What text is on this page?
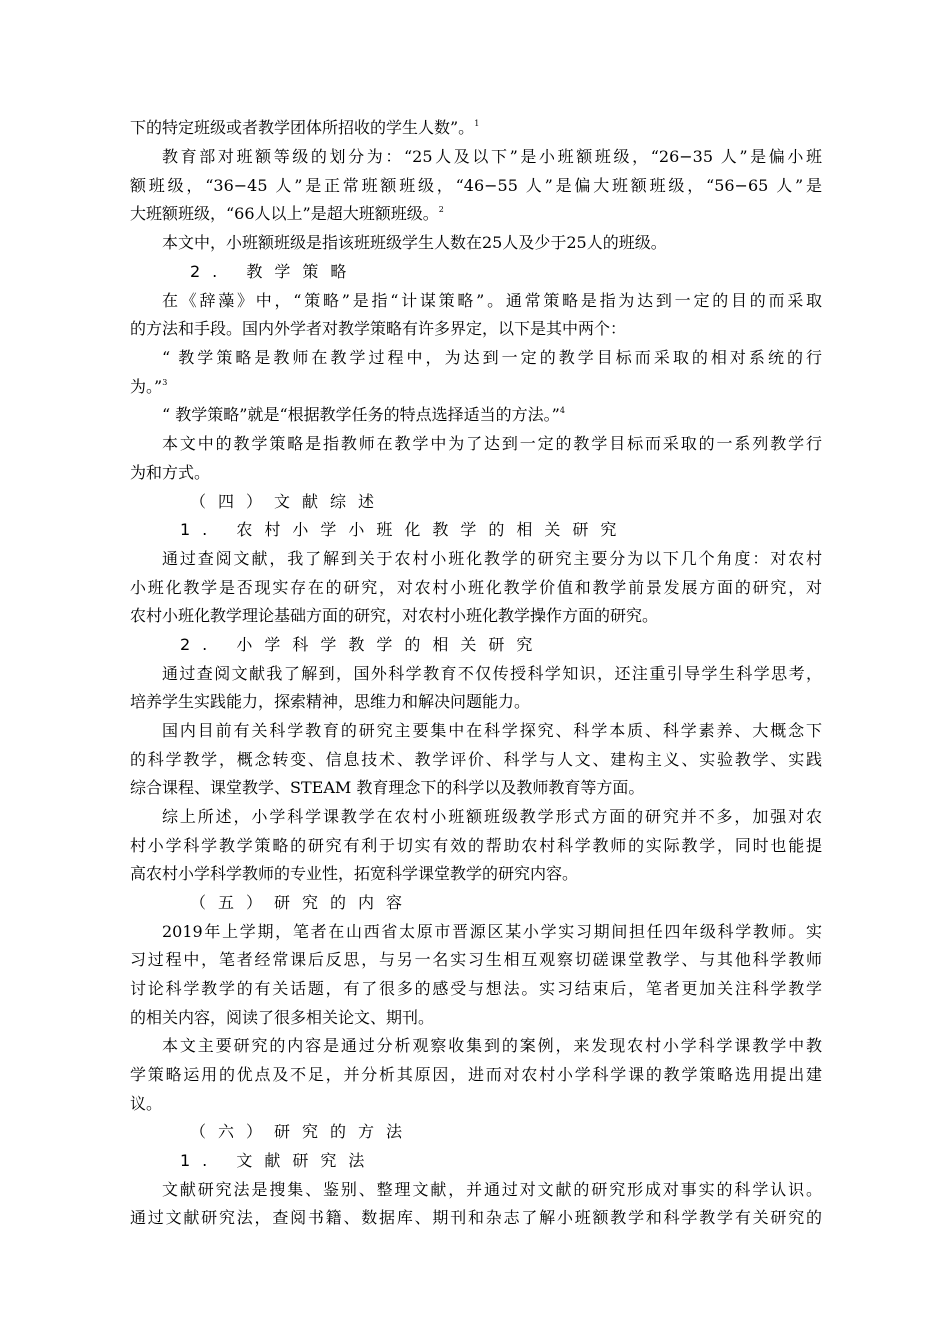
下的特定班级或者教学团体所招收的学生人数”。$^1$
教育部对班额等级的划分为：“25人及以下”是小班额班级，“26−35 人”是偏小班
额班级，“36−45 人”是正常班额班级，“46−55 人”是偏大班额班级，“56−65 人”是
大班额班级，“66人以上”是超大班额班级。$^2$
本文中，小班额班级是指该班班级学生人数在25人及少于25人的班级。
2. 教学策略
在《辞藻》中，“策略”是指“计谋策略”。通常策略是指为达到一定的目的而采取
的方法和手段。国内外学者对教学策略有许多界定，以下是其中两个：
“ 教学策略是教师在教学过程中，为达到一定的教学目标而采取的相对系统的行
为。”$^3$
“ 教学策略”就是“根据教学任务的特点选择适当的方法。”$^4$
本文中的教学策略是指教师在教学中为了达到一定的教学目标而采取的一系列教学行
为和方式。
（四）文献综述
1. 农村小学小班化教学的相关研究
通过查阅文献，我了解到关于农村小班化教学的研究主要分为以下几个角度：对农村
小班化教学是否现实存在的研究，对农村小班化教学价值和教学前景发展方面的研究，对
农村小班化教学理论基础方面的研究，对农村小班化教学操作方面的研究。
2. 小学科学教学的相关研究
通过查阅文献我了解到，国外科学教育不仅传授科学知识，还注重引导学生科学思考，
培养学生实践能力，探索精神，思维力和解决问题能力。
国内目前有关科学教育的研究主要集中在科学探究、科学本质、科学素养、大概念下
的科学教学，概念转变、信息技术、教学评价、科学与人文、建构主义、实验教学、实践
综合课程、课堂教学、STEAM 教育理念下的科学以及教师教育等方面。
综上所述，小学科学课教学在农村小班额班级教学形式方面的研究并不多，加强对农
村小学科学教学策略的研究有利于切实有效的帮助农村科学教师的实际教学，同时也能提
高农村小学科学教师的专业性，拓宽科学课堂教学的研究内容。
（五）研究的内容
2019年上学期，笔者在山西省太原市晋源区某小学实习期间担任四年级科学教师。实
习过程中，笔者经常课后反思，与另一名实习生相互观察切磋课堂教学、与其他科学教师
讨论科学教学的有关话题，有了很多的感受与想法。实习结束后，笔者更加关注科学教学
的相关内容，阅读了很多相关论文、期刊。
本文主要研究的内容是通过分析观察收集到的案例，来发现农村小学科学课教学中教
学策略运用的优点及不足，并分析其原因，进而对农村小学科学课的教学策略选用提出建
议。
（六）研究的方法
1. 文献研究法
文献研究法是搜集、鉴别、整理文献，并通过对文献的研究形成对事实的科学认识。
通过文献研究法，查阅书籍、数据库、期刊和杂志了解小班额教学和科学教学有关研究的
